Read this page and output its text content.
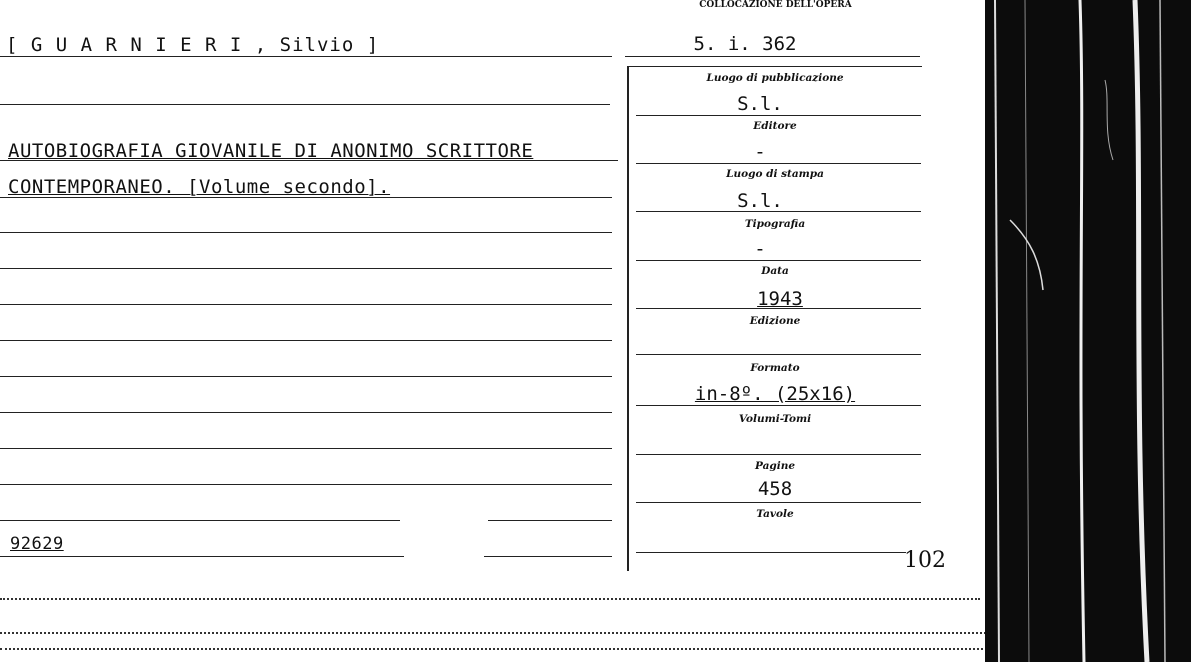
COLLOCAZIONE DELL'OPERA
[ G U A R N I E R I , Silvio ]	5. i. 362
AUTOBIOGRAFIA GIOVANILE DI ANONIMO SCRITTORE
CONTEMPORANEO. [Volume secondo].
92629
Luogo di pubblicazione
S.l.
Editore
-
Luogo di stampa
S.l.
Tipografia
-
Data
1943
Edizione
Formato
in-8º. (25x16)
Volumi-Tomi
Pagine
458
Tavole
102
